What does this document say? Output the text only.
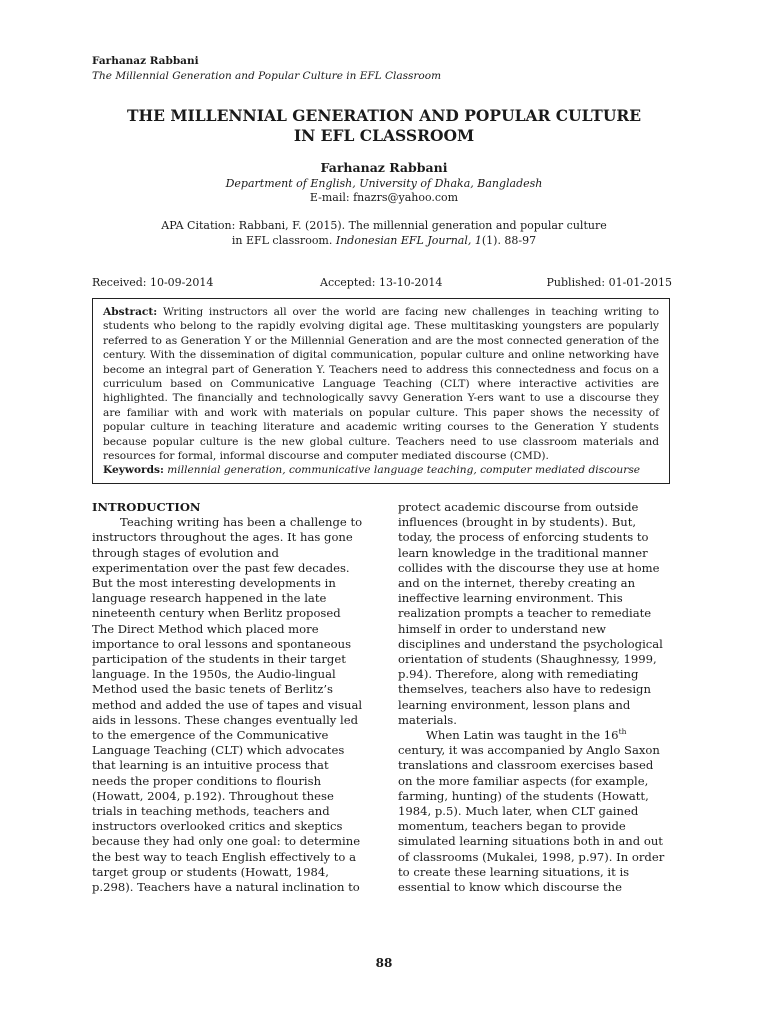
Farhanaz Rabbani
The Millennial Generation and Popular Culture in EFL Classroom
THE MILLENNIAL GENERATION AND POPULAR CULTURE
IN EFL CLASSROOM
Farhanaz Rabbani
Department of English, University of Dhaka, Bangladesh
E-mail: fnazrs@yahoo.com
APA Citation: Rabbani, F. (2015). The millennial generation and popular culture
in EFL classroom. Indonesian EFL Journal, 1(1). 88-97
Received: 10-09-2014	Accepted: 13-10-2014	Published: 01-01-2015
Abstract: Writing instructors all over the world are facing new challenges in teaching writing to students who belong to the rapidly evolving digital age. These multitasking youngsters are popularly referred to as Generation Y or the Millennial Generation and are the most connected generation of the century. With the dissemination of digital communication, popular culture and online networking have become an integral part of Generation Y. Teachers need to address this connectedness and focus on a curriculum based on Communicative Language Teaching (CLT) where interactive activities are highlighted. The financially and technologically savvy Generation Y-ers want to use a discourse they are familiar with and work with materials on popular culture. This paper shows the necessity of popular culture in teaching literature and academic writing courses to the Generation Y students because popular culture is the new global culture. Teachers need to use classroom materials and resources for formal, informal discourse and computer mediated discourse (CMD).
Keywords: millennial generation, communicative language teaching, computer mediated discourse
INTRODUCTION
Teaching writing has been a challenge to
instructors throughout the ages. It has gone
through stages of evolution and
experimentation over the past few decades.
But the most interesting developments in
language research happened in the late
nineteenth century when Berlitz proposed
The Direct Method which placed more
importance to oral lessons and spontaneous
participation of the students in their target
language. In the 1950s, the Audio-lingual
Method used the basic tenets of Berlitz’s
method and added the use of tapes and visual
aids in lessons. These changes eventually led
to the emergence of the Communicative
Language Teaching (CLT) which advocates
that learning is an intuitive process that
needs the proper conditions to flourish
(Howatt, 2004, p.192). Throughout these
trials in teaching methods, teachers and
instructors overlooked critics and skeptics
because they had only one goal: to determine
the best way to teach English effectively to a
target group or students (Howatt, 1984,
p.298). Teachers have a natural inclination to
protect academic discourse from outside
influences (brought in by students). But,
today, the process of enforcing students to
learn knowledge in the traditional manner
collides with the discourse they use at home
and on the internet, thereby creating an
ineffective learning environment. This
realization prompts a teacher to remediate
himself in order to understand new
disciplines and understand the psychological
orientation of students (Shaughnessy, 1999,
p.94). Therefore, along with remediating
themselves, teachers also have to redesign
learning environment, lesson plans and
materials.
When Latin was taught in the 16th
century, it was accompanied by Anglo Saxon
translations and classroom exercises based
on the more familiar aspects (for example,
farming, hunting) of the students (Howatt,
1984, p.5). Much later, when CLT gained
momentum, teachers began to provide
simulated learning situations both in and out
of classrooms (Mukalei, 1998, p.97). In order
to create these learning situations, it is
essential to know which discourse the
88
